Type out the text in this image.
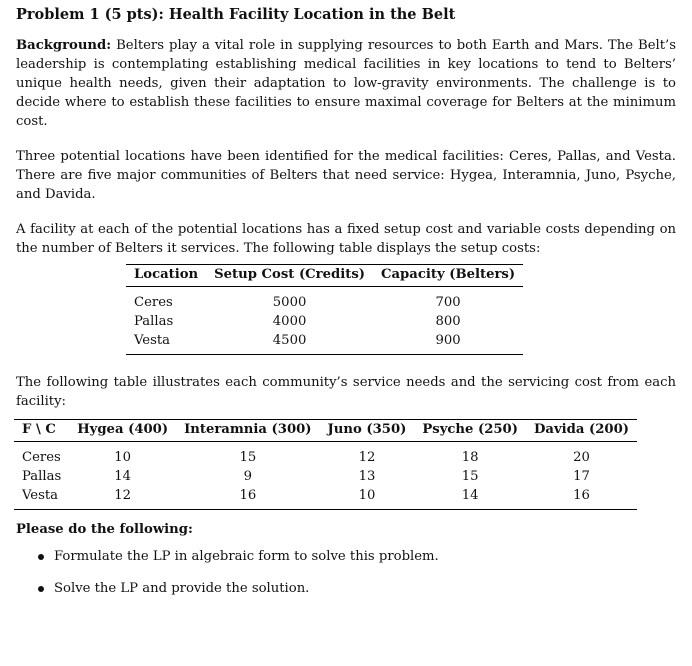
Problem 1 (5 pts): Health Facility Location in the Belt

Background: Belters play a vital role in supplying resources to both Earth and Mars. The Belt’s leadership is contemplating establishing medical facilities in key locations to tend to Belters’ unique health needs, given their adaptation to low-gravity environments. The challenge is to decide where to establish these facilities to ensure maximal coverage for Belters at the minimum cost.

Three potential locations have been identified for the medical facilities: Ceres, Pallas, and Vesta. There are five major communities of Belters that need service: Hygea, Interamnia, Juno, Psyche, and Davida.

A facility at each of the potential locations has a fixed setup cost and variable costs depending on the number of Belters it services. The following table displays the setup costs:

Location	Setup Cost (Credits)	Capacity (Belters)
Ceres	5000	700
Pallas	4000	800
Vesta	4500	900

The following table illustrates each community’s service needs and the servicing cost from each facility:

F \ C	Hygea (400)	Interamnia (300)	Juno (350)	Psyche (250)	Davida (200)
Ceres	10	15	12	18	20
Pallas	14	9	13	15	17
Vesta	12	16	10	14	16
Please do the following:
Formulate the LP in algebraic form to solve this problem.
Solve the LP and provide the solution.
